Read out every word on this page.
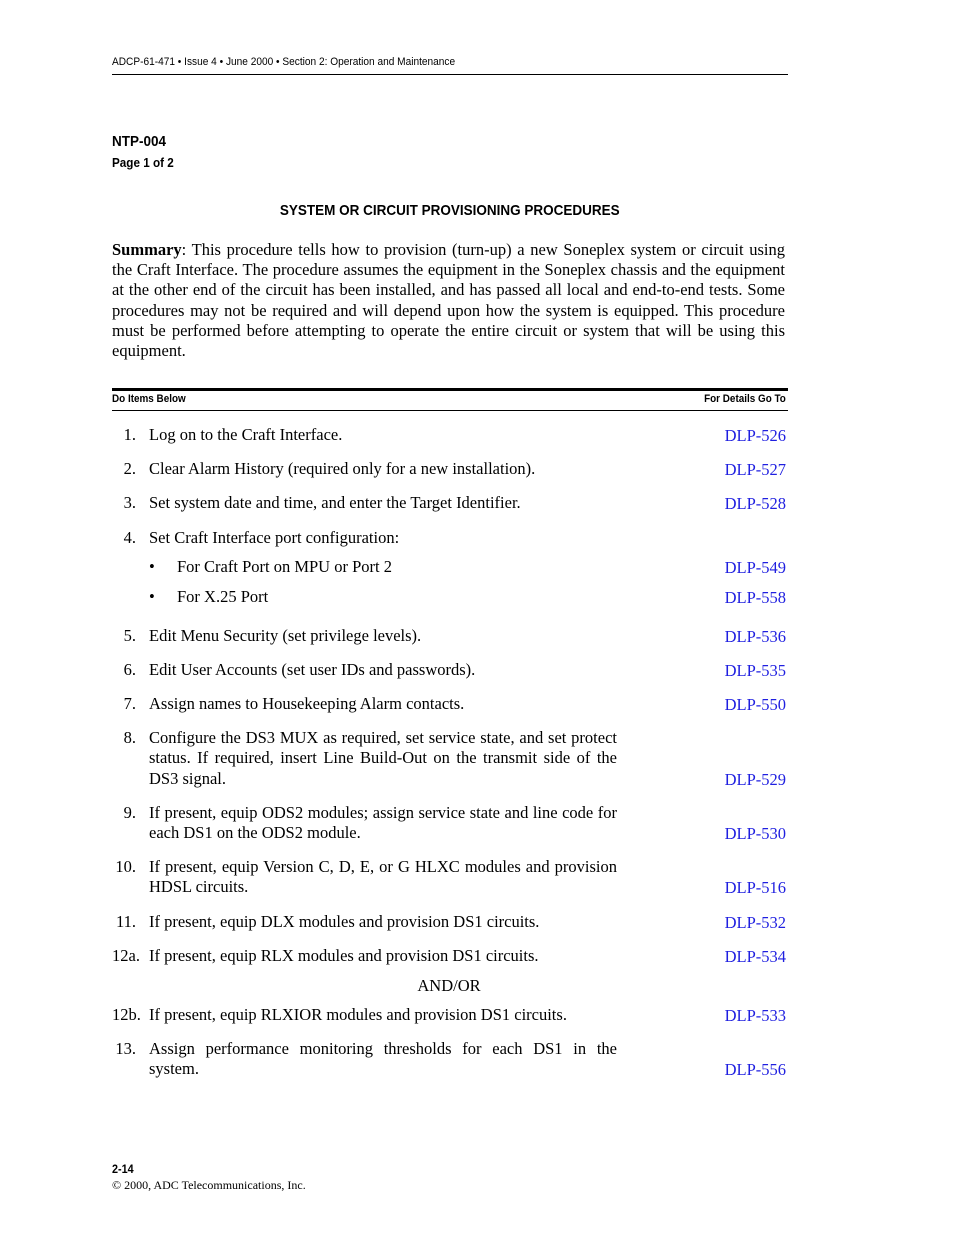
ADCP-61-471 • Issue 4 • June 2000 • Section 2: Operation and Maintenance
NTP-004
Page 1 of 2
SYSTEM OR CIRCUIT PROVISIONING PROCEDURES
Summary: This procedure tells how to provision (turn-up) a new Soneplex system or circuit using the Craft Interface. The procedure assumes the equipment in the Soneplex chassis and the equipment at the other end of the circuit has been installed, and has passed all local and end-to-end tests. Some procedures may not be required and will depend upon how the system is equipped. This procedure must be performed before attempting to operate the entire circuit or system that will be using this equipment.
Do Items Below	For Details Go To
1. Log on to the Craft Interface.	DLP-526
2. Clear Alarm History (required only for a new installation).	DLP-527
3. Set system date and time, and enter the Target Identifier.	DLP-528
4. Set Craft Interface port configuration:
• For Craft Port on MPU or Port 2	DLP-549
• For X.25 Port	DLP-558
5. Edit Menu Security (set privilege levels).	DLP-536
6. Edit User Accounts (set user IDs and passwords).	DLP-535
7. Assign names to Housekeeping Alarm contacts.	DLP-550
8. Configure the DS3 MUX as required, set service state, and set protect status. If required, insert Line Build-Out on the transmit side of the DS3 signal.	DLP-529
9. If present, equip ODS2 modules; assign service state and line code for each DS1 on the ODS2 module.	DLP-530
10. If present, equip Version C, D, E, or G HLXC modules and provision HDSL circuits.	DLP-516
11. If present, equip DLX modules and provision DS1 circuits.	DLP-532
12a. If present, equip RLX modules and provision DS1 circuits.	DLP-534
AND/OR
12b. If present, equip RLXIOR modules and provision DS1 circuits.	DLP-533
13. Assign performance monitoring thresholds for each DS1 in the system.	DLP-556
2-14
© 2000, ADC Telecommunications, Inc.
